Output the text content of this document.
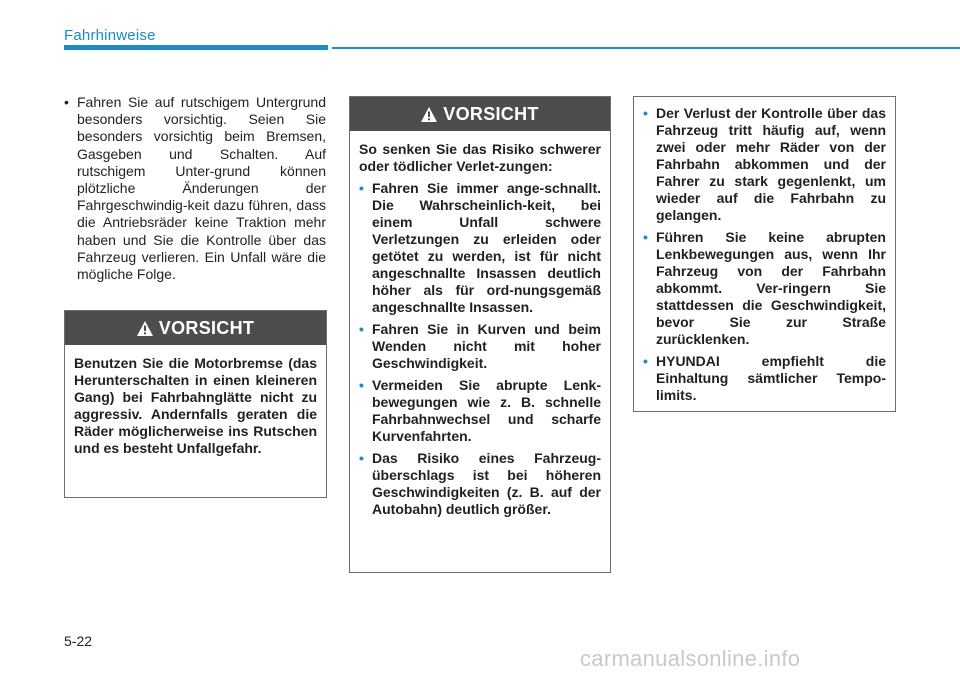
Fahrhinweise
• Fahren Sie auf rutschigem Untergrund besonders vorsichtig. Seien Sie besonders vorsichtig beim Bremsen, Gasgeben und Schalten. Auf rutschigem Unter-grund können plötzliche Änderungen der Fahrgeschwindig-keit dazu führen, dass die Antriebsräder keine Traktion mehr haben und Sie die Kontrolle über das Fahrzeug verlieren. Ein Unfall wäre die mögliche Folge.
VORSICHT

Benutzen Sie die Motorbremse (das Herunterschalten in einen kleineren Gang) bei Fahrbahnglätte nicht zu aggressiv. Andernfalls geraten die Räder möglicherweise ins Rutschen und es besteht Unfallgefahr.

VORSICHT

So senken Sie das Risiko schwerer oder tödlicher Verlet-zungen:

• Fahren Sie immer ange-schnallt. Die Wahrscheinlich-keit, bei einem Unfall schwere Verletzungen zu erleiden oder getötet zu werden, ist für nicht angeschnallte Insassen deutlich höher als für ord-nungsgemäß angeschnallte Insassen.
• Fahren Sie in Kurven und beim Wenden nicht mit hoher Geschwindigkeit.
• Vermeiden Sie abrupte Lenk-bewegungen wie z. B. schnelle Fahrbahnwechsel und scharfe Kurvenfahrten.
• Das Risiko eines Fahrzeug-überschlags ist bei höheren Geschwindigkeiten (z. B. auf der Autobahn) deutlich größer.
• Der Verlust der Kontrolle über das Fahrzeug tritt häufig auf, wenn zwei oder mehr Räder von der Fahrbahn abkommen und der Fahrer zu stark gegenlenkt, um wieder auf die Fahrbahn zu gelangen.
• Führen Sie keine abrupten Lenkbewegungen aus, wenn Ihr Fahrzeug von der Fahrbahn abkommt. Ver-ringern Sie stattdessen die Geschwindigkeit, bevor Sie zur Straße zurücklenken.
• HYUNDAI empfiehlt die Einhaltung sämtlicher Tempo-limits.
5-22
carmanualsonline.info
